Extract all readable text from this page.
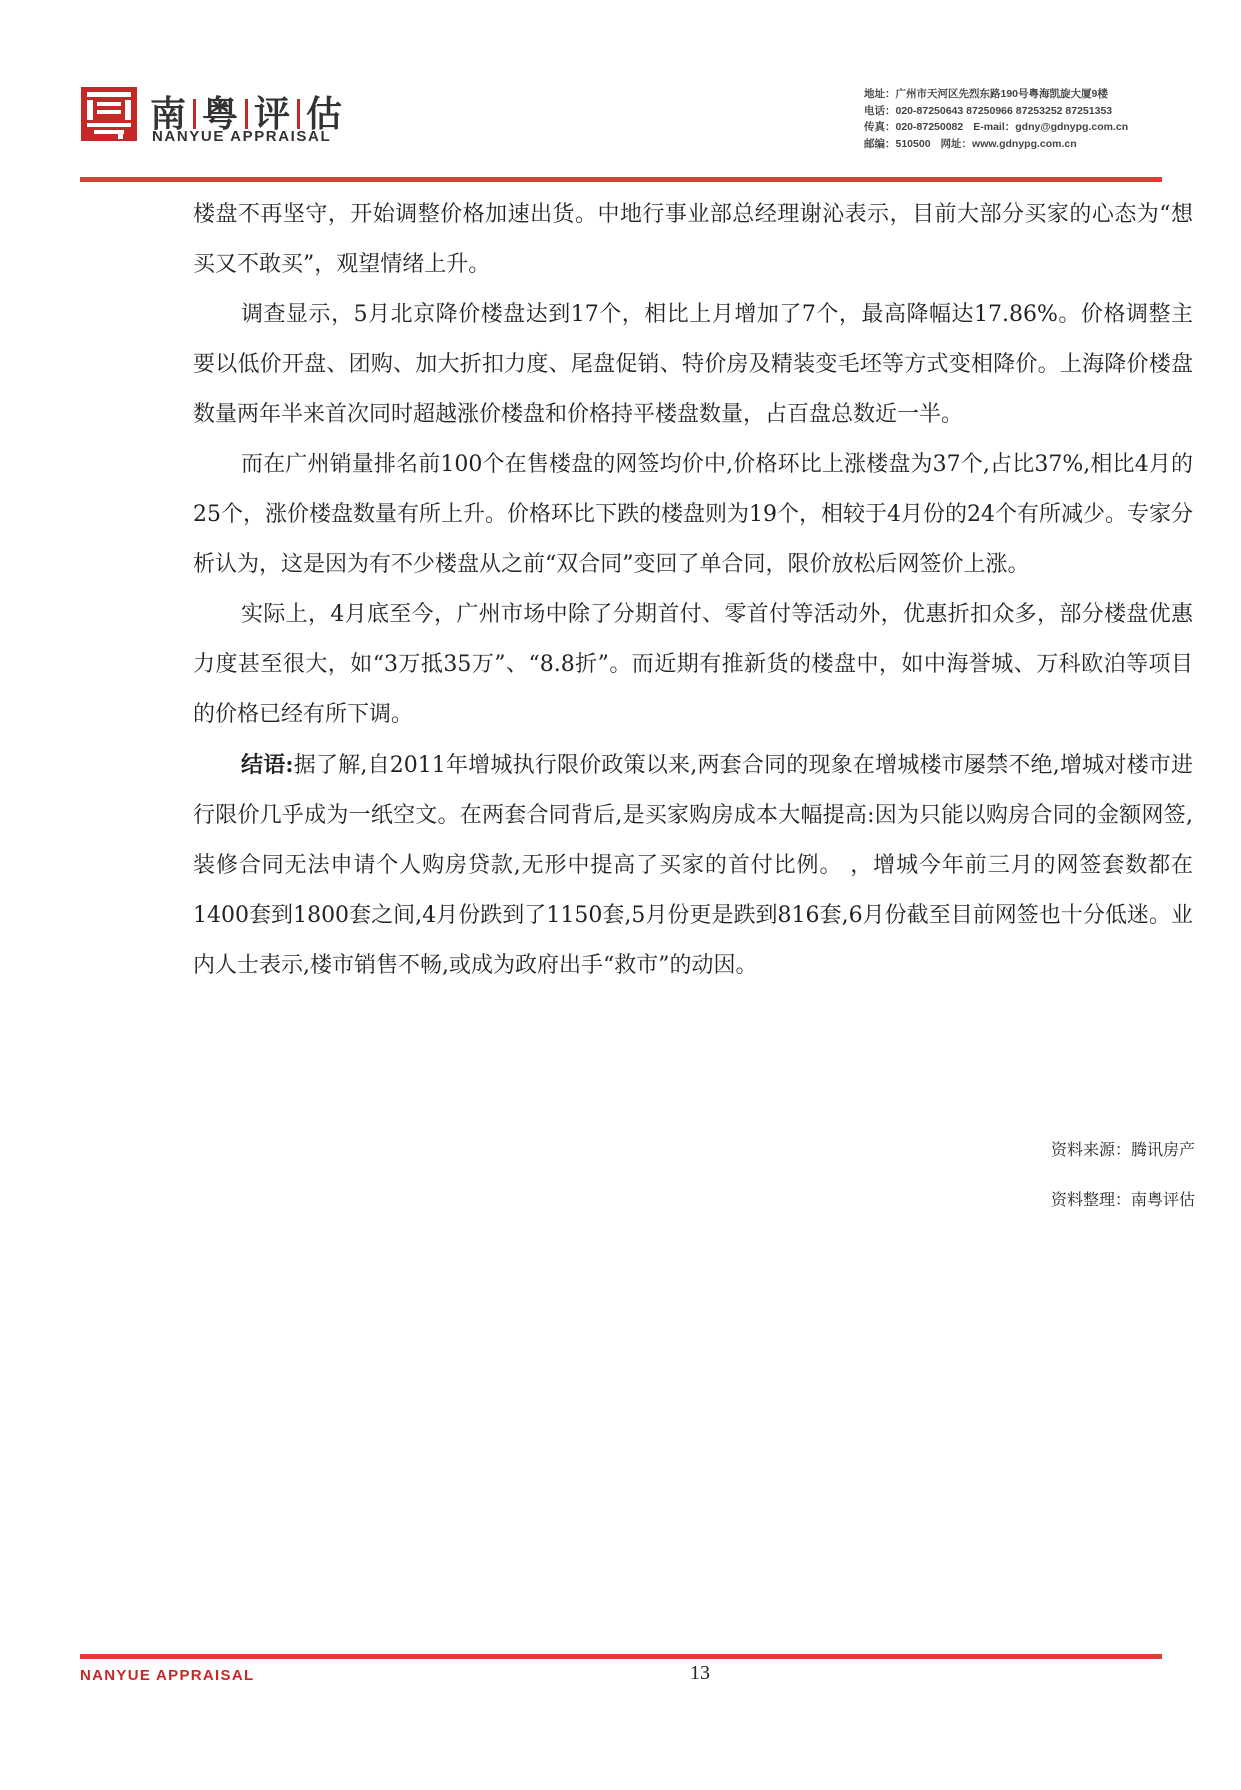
南 粤 评 估
NANYUE APPRAISAL
地址：广州市天河区先烈东路190号粤海凯旋大厦9楼
电话：020-87250643 87250966 87253252 87251353
传真：020-87250082 E-mail：gdny@gdnypg.com.cn
邮编：510500 网址：www.gdnypg.com.cn

楼盘不再坚守，开始调整价格加速出货。中地行事业部总经理谢沁表示，目前大部分买家的心态为“想买又不敢买”，观望情绪上升。

调查显示，5月北京降价楼盘达到17个，相比上月增加了7个，最高降幅达17.86%。价格调整主要以低价开盘、团购、加大折扣力度、尾盘促销、特价房及精装变毛坯等方式变相降价。上海降价楼盘数量两年半来首次同时超越涨价楼盘和价格持平楼盘数量，占百盘总数近一半。

而在广州销量排名前100个在售楼盘的网签均价中,价格环比上涨楼盘为37个,占比37%,相比4月的25个，涨价楼盘数量有所上升。价格环比下跌的楼盘则为19个，相较于4月份的24个有所减少。专家分析认为，这是因为有不少楼盘从之前“双合同”变回了单合同，限价放松后网签价上涨。

实际上，4月底至今，广州市场中除了分期首付、零首付等活动外，优惠折扣众多，部分楼盘优惠力度甚至很大，如“3万抵35万”、“8.8折”。而近期有推新货的楼盘中，如中海誉城、万科欧泊等项目的价格已经有所下调。

结语:据了解,自2011年增城执行限价政策以来,两套合同的现象在增城楼市屡禁不绝,增城对楼市进行限价几乎成为一纸空文。在两套合同背后,是买家购房成本大幅提高:因为只能以购房合同的金额网签,装修合同无法申请个人购房贷款,无形中提高了买家的首付比例。 ，增城今年前三月的网签套数都在1400套到1800套之间,4月份跌到了1150套,5月份更是跌到816套,6月份截至目前网签也十分低迷。业内人士表示,楼市销售不畅,或成为政府出手“救市”的动因。

资料来源：腾讯房产
资料整理：南粤评估
NANYUE APPRAISAL	13
